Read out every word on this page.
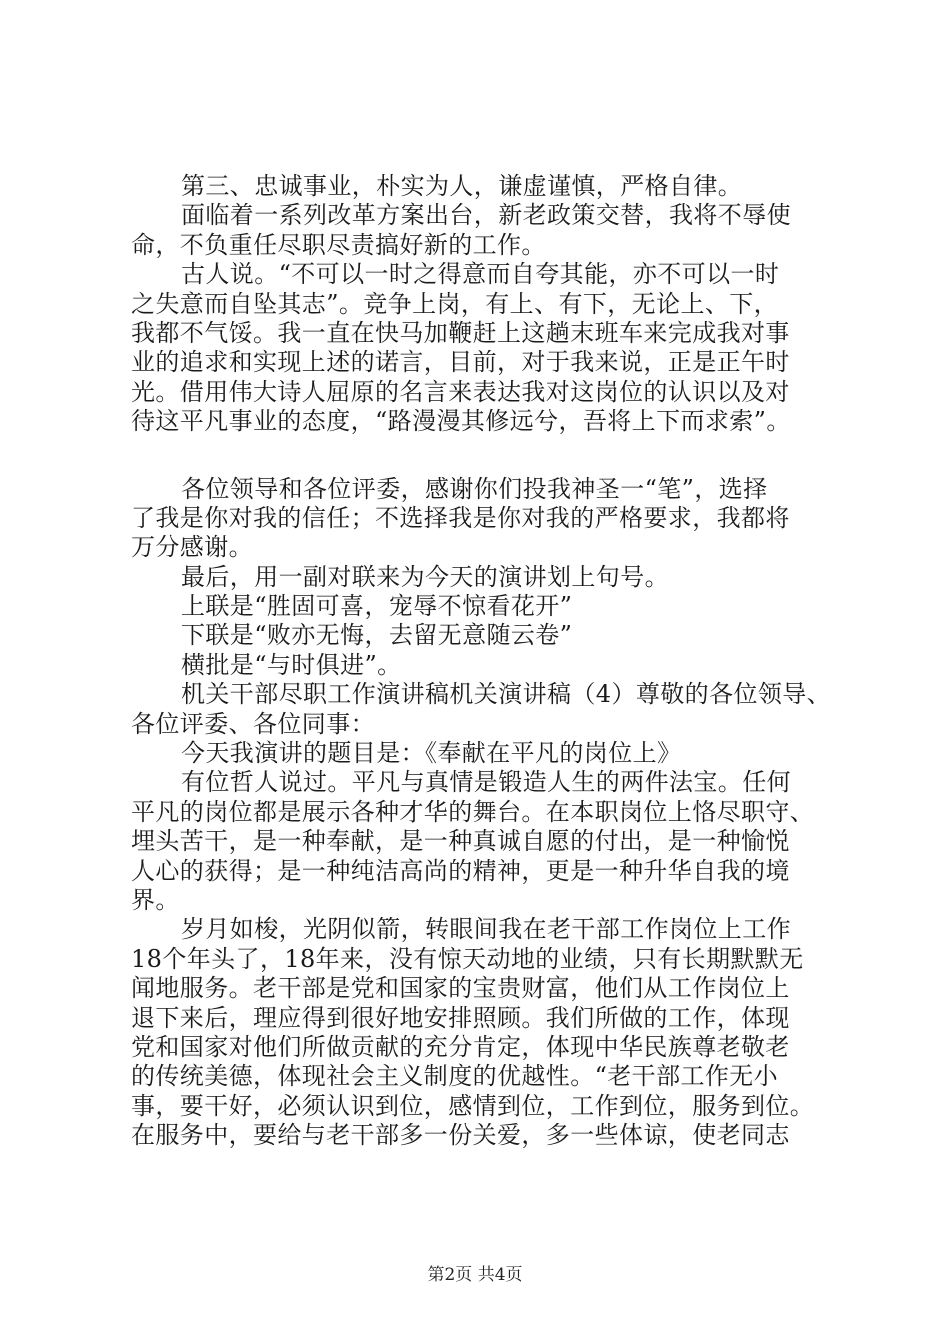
第三、忠诚事业，朴实为人，谦虚谨慎，严格自律。
面临着一系列改革方案出台，新老政策交替，我将不辱使
命，不负重任尽职尽责搞好新的工作。
古人说。“不可以一时之得意而自夸其能，亦不可以一时
之失意而自坠其志”。竞争上岗，有上、有下，无论上、下，
我都不气馁。我一直在快马加鞭赶上这趟末班车来完成我对事
业的追求和实现上述的诺言，目前，对于我来说，正是正午时
光。借用伟大诗人屈原的名言来表达我对这岗位的认识以及对
待这平凡事业的态度，“路漫漫其修远兮，吾将上下而求索”。
各位领导和各位评委，感谢你们投我神圣一“笔”，选择
了我是你对我的信任；不选择我是你对我的严格要求，我都将
万分感谢。
最后，用一副对联来为今天的演讲划上句号。
上联是“胜固可喜，宠辱不惊看花开”
下联是“败亦无悔，去留无意随云卷”
横批是“与时俱进”。
机关干部尽职工作演讲稿机关演讲稿（4）尊敬的各位领导、
各位评委、各位同事：
今天我演讲的题目是：《奉献在平凡的岗位上》
有位哲人说过。平凡与真情是锻造人生的两件法宝。任何
平凡的岗位都是展示各种才华的舞台。在本职岗位上恪尽职守、
埋头苦干，是一种奉献，是一种真诚自愿的付出，是一种愉悦
人心的获得；是一种纯洁高尚的精神，更是一种升华自我的境
界。
岁月如梭，光阴似箭，转眼间我在老干部工作岗位上工作
18个年头了，18年来，没有惊天动地的业绩，只有长期默默无
闻地服务。老干部是党和国家的宝贵财富，他们从工作岗位上
退下来后，理应得到很好地安排照顾。我们所做的工作，体现
党和国家对他们所做贡献的充分肯定，体现中华民族尊老敬老
的传统美德，体现社会主义制度的优越性。“老干部工作无小
事，要干好，必须认识到位，感情到位，工作到位，服务到位。
在服务中，要给与老干部多一份关爱，多一些体谅，使老同志
第2页 共4页
